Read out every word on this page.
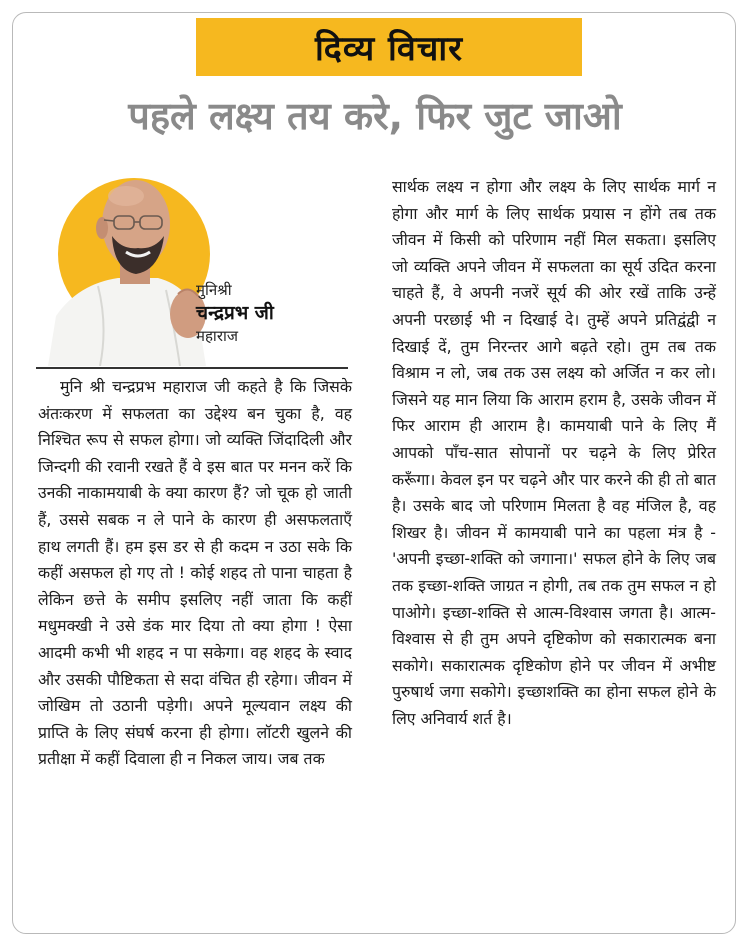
दिव्य विचार
पहले लक्ष्य तय करे, फिर जुट जाओ
मुनिश्री
चन्द्रप्रभ जी
महाराज

मुनि श्री चन्द्रप्रभ महाराज जी कहते है कि जिसके अंतःकरण में सफलता का उद्देश्य बन चुका है, वह निश्चित रूप से सफल होगा। जो व्यक्ति जिंदादिली और जिन्दगी की रवानी रखते हैं वे इस बात पर मनन करें कि उनकी नाकामयाबी के क्या कारण हैं? जो चूक हो जाती हैं, उससे सबक न ले पाने के कारण ही असफलताएँ हाथ लगती हैं। हम इस डर से ही कदम न उठा सके कि कहीं असफल हो गए तो ! कोई शहद तो पाना चाहता है लेकिन छत्ते के समीप इसलिए नहीं जाता कि कहीं मधुमक्खी ने उसे डंक मार दिया तो क्या होगा ! ऐसा आदमी कभी भी शहद न पा सकेगा। वह शहद के स्वाद और उसकी पौष्टिकता से सदा वंचित ही रहेगा। जीवन में जोखिम तो उठानी पड़ेगी। अपने मूल्यवान लक्ष्य की प्राप्ति के लिए संघर्ष करना ही होगा। लॉटरी खुलने की प्रतीक्षा में कहीं दिवाला ही न निकल जाय। जब तक

सार्थक लक्ष्य न होगा और लक्ष्य के लिए सार्थक मार्ग न होगा और मार्ग के लिए सार्थक प्रयास न होंगे तब तक जीवन में किसी को परिणाम नहीं मिल सकता। इसलिए जो व्यक्ति अपने जीवन में सफलता का सूर्य उदित करना चाहते हैं, वे अपनी नजरें सूर्य की ओर रखें ताकि उन्हें अपनी परछाई भी न दिखाई दे। तुम्हें अपने प्रतिद्वंद्वी न दिखाई दें, तुम निरन्तर आगे बढ़ते रहो। तुम तब तक विश्राम न लो, जब तक उस लक्ष्य को अर्जित न कर लो। जिसने यह मान लिया कि आराम हराम है, उसके जीवन में फिर आराम ही आराम है। कामयाबी पाने के लिए मैं आपको पाँच-सात सोपानों पर चढ़ने के लिए प्रेरित करूँगा। केवल इन पर चढ़ने और पार करने की ही तो बात है। उसके बाद जो परिणाम मिलता है वह मंजिल है, वह शिखर है। जीवन में कामयाबी पाने का पहला मंत्र है - 'अपनी इच्छा-शक्ति को जगाना।' सफल होने के लिए जब तक इच्छा-शक्ति जाग्रत न होगी, तब तक तुम सफल न हो पाओगे। इच्छा-शक्ति से आत्म-विश्वास जगता है। आत्म-विश्वास से ही तुम अपने दृष्टिकोण को सकारात्मक बना सकोगे। सकारात्मक दृष्टिकोण होने पर जीवन में अभीष्ट पुरुषार्थ जगा सकोगे। इच्छाशक्ति का होना सफल होने के लिए अनिवार्य शर्त है।
